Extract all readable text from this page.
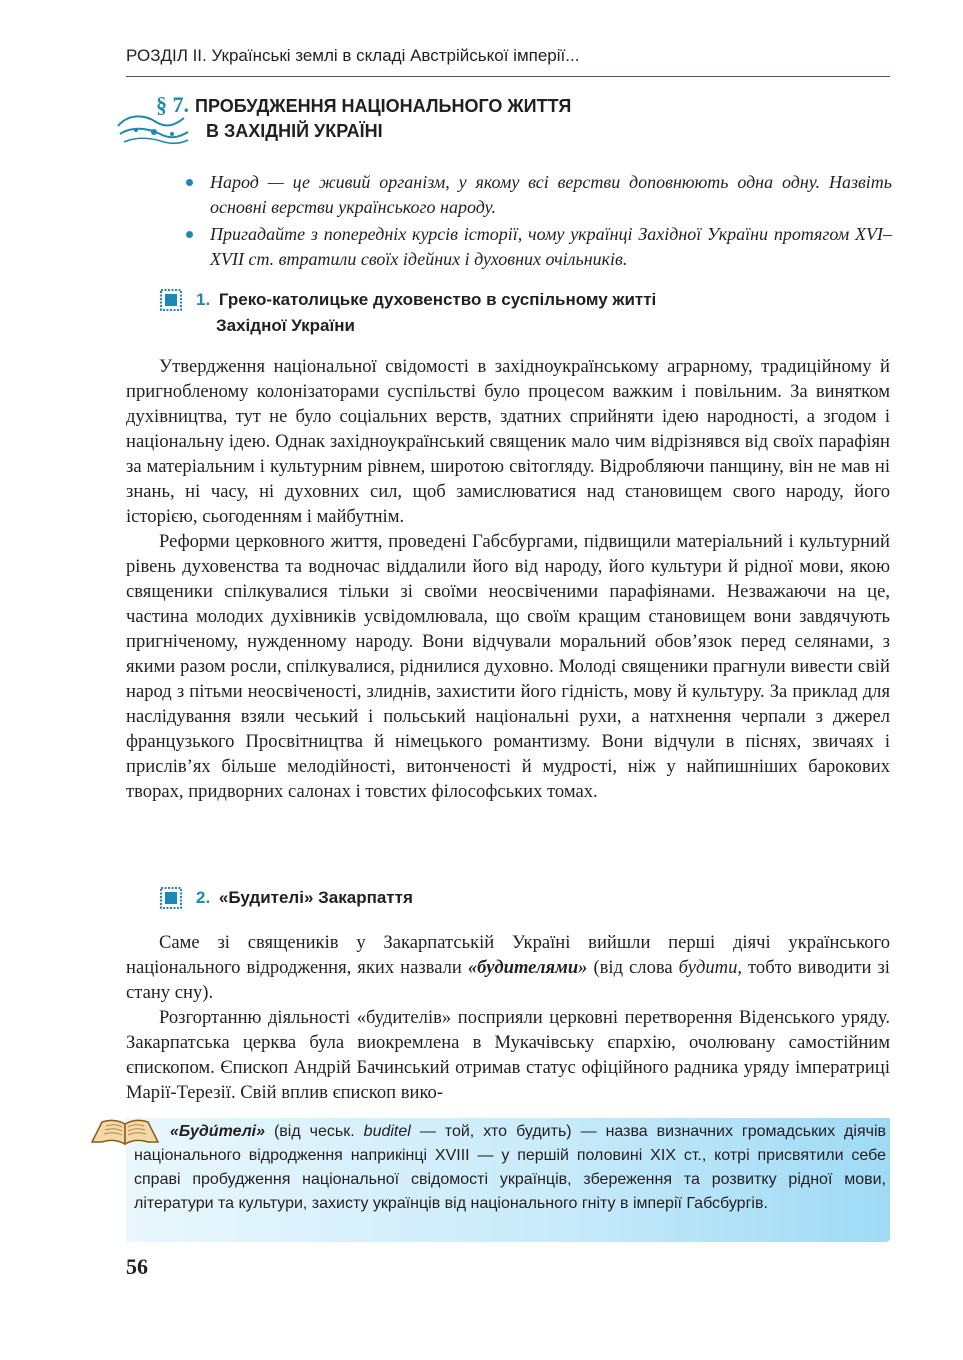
РОЗДІЛ ІІ. Українські землі в складі Австрійської імперії...
§ 7. ПРОБУДЖЕННЯ НАЦІОНАЛЬНОГО ЖИТТЯ
В ЗАХІДНІЙ УКРАЇНІ
Народ — це живий організм, у якому всі верстви доповнюють одна одну. Назвіть основні верстви українського народу.
Пригадайте з попередніх курсів історії, чому українці Західної України протягом XVI–XVII ст. втратили своїх ідейних і духовних очільників.
1. Греко-католицьке духовенство в суспільному житті
Західної України

Утвердження національної свідомості в західноукраїнському аграрному, традиційному й пригнобленому колонізаторами суспільстві було процесом важким і повільним. За винятком духівництва, тут не було соціальних верств, здатних сприйняти ідею народності, а згодом і національну ідею. Однак західноукраїнський священик мало чим відрізнявся від своїх парафіян за матеріальним і культурним рівнем, широтою світогляду. Відробляючи панщину, він не мав ні знань, ні часу, ні духовних сил, щоб замислюватися над становищем свого народу, його історією, сьогоденням і майбутнім.

Реформи церковного життя, проведені Габсбургами, підвищили матеріальний і культурний рівень духовенства та водночас віддалили його від народу, його культури й рідної мови, якою священики спілкувалися тільки зі своїми неосвіченими парафіянами. Незважаючи на це, частина молодих духівників усвідомлювала, що своїм кращим становищем вони завдячують пригніченому, нужденному народу. Вони відчували моральний обов’язок перед селянами, з якими разом росли, спілкувалися, ріднилися духовно. Молоді священики прагнули вивести свій народ з пітьми неосвіченості, злиднів, захистити його гідність, мову й культуру. За приклад для наслідування взяли чеський і польський національні рухи, а натхнення черпали з джерел французького Просвітництва й німецького романтизму. Вони відчули в піснях, звичаях і прислів’ях більше мелодійності, витонченості й мудрості, ніж у найпишніших барокових творах, придворних салонах і товстих філософських томах.

2. «Будителі» Закарпаття

Саме зі священиків у Закарпатській Україні вийшли перші діячі українського національного відродження, яких назвали «будителями» (від слова будити, тобто виводити зі стану сну).

Розгортанню діяльності «будителів» посприяли церковні перетворення Віденського уряду. Закарпатська церква була виокремлена в Мукачівську єпархію, очолювану самостійним єпископом. Єпископ Андрій Бачинський отримав статус офіційного радника уряду імператриці Марії-Терезії. Свій вплив єпископ вико-

«Буди́телі» (від чеськ. buditel — той, хто будить) — назва визначних громадських діячів національного відродження наприкінці XVIII — у першій половині XIX ст., котрі присвятили себе справі пробудження національної свідомості українців, збереження та розвитку рідної мови, літератури та культури, захисту українців від національного гніту в імперії Габсбургів.
56
